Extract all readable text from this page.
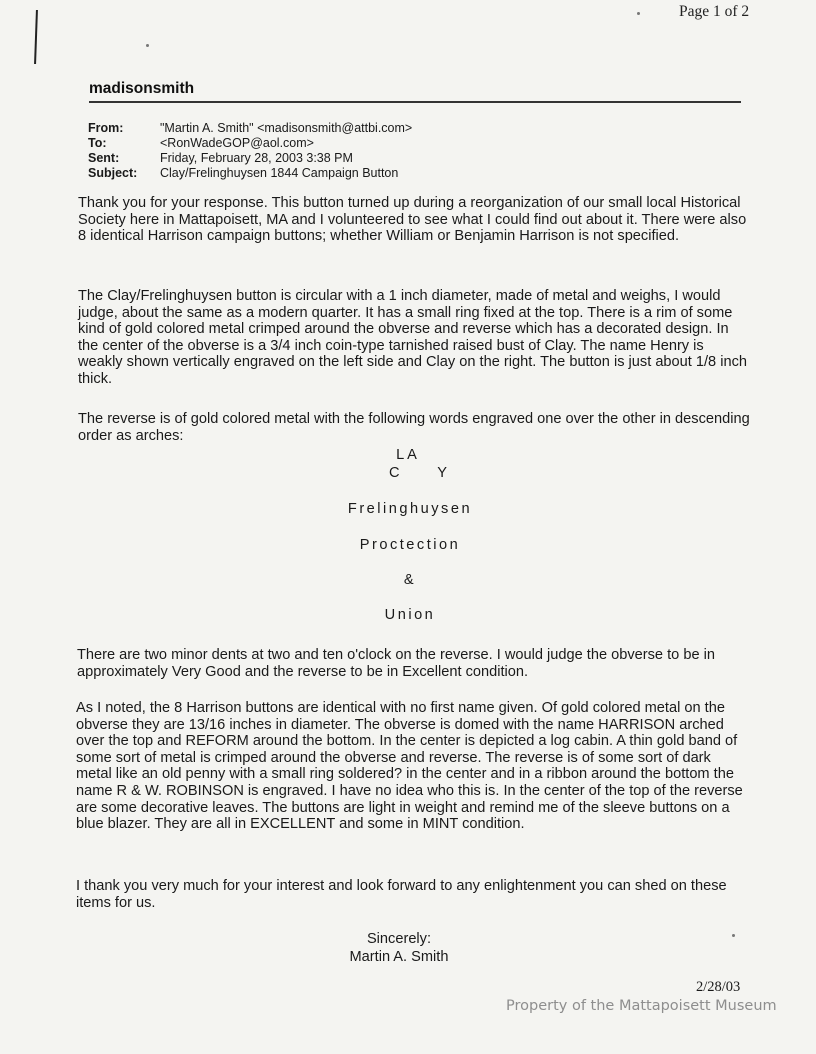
Page 1 of 2
madisonsmith
From:	"Martin A. Smith" <madisonsmith@attbi.com>
To:	<RonWadeGOP@aol.com>
Sent:	Friday, February 28, 2003 3:38 PM
Subject:	Clay/Frelinghuysen 1844 Campaign Button

Thank you for your response. This button turned up during a reorganization of our small local Historical Society here in Mattapoisett, MA and I volunteered to see what I could find out about it. There were also 8 identical Harrison campaign buttons; whether William or Benjamin Harrison is not specified.

The Clay/Frelinghuysen button is circular with a 1 inch diameter, made of metal and weighs, I would judge, about the same as a modern quarter. It has a small ring fixed at the top. There is a rim of some kind of gold colored metal crimped around the obverse and reverse which has a decorated design. In the center of the obverse is a 3/4 inch coin-type tarnished raised bust of Clay. The name Henry is weakly shown vertically engraved on the left side and Clay on the right. The button is just about 1/8 inch thick.

The reverse is of gold colored metal with the following words engraved one over the other in descending order as arches:

LA
C Y
Frelinghuysen
Proctection
&
Union

There are two minor dents at two and ten o'clock on the reverse. I would judge the obverse to be in approximately Very Good and the reverse to be in Excellent condition.

As I noted, the 8 Harrison buttons are identical with no first name given. Of gold colored metal on the obverse they are 13/16 inches in diameter. The obverse is domed with the name HARRISON arched over the top and REFORM around the bottom. In the center is depicted a log cabin. A thin gold band of some sort of metal is crimped around the obverse and reverse. The reverse is of some sort of dark metal like an old penny with a small ring soldered? in the center and in a ribbon around the bottom the name R & W. ROBINSON is engraved. I have no idea who this is. In the center of the top of the reverse are some decorative leaves. The buttons are light in weight and remind me of the sleeve buttons on a blue blazer. They are all in EXCELLENT and some in MINT condition.

I thank you very much for your interest and look forward to any enlightenment you can shed on these items for us.

Sincerely:
Martin A. Smith
2/28/03
Property of the Mattapoisett Museum
